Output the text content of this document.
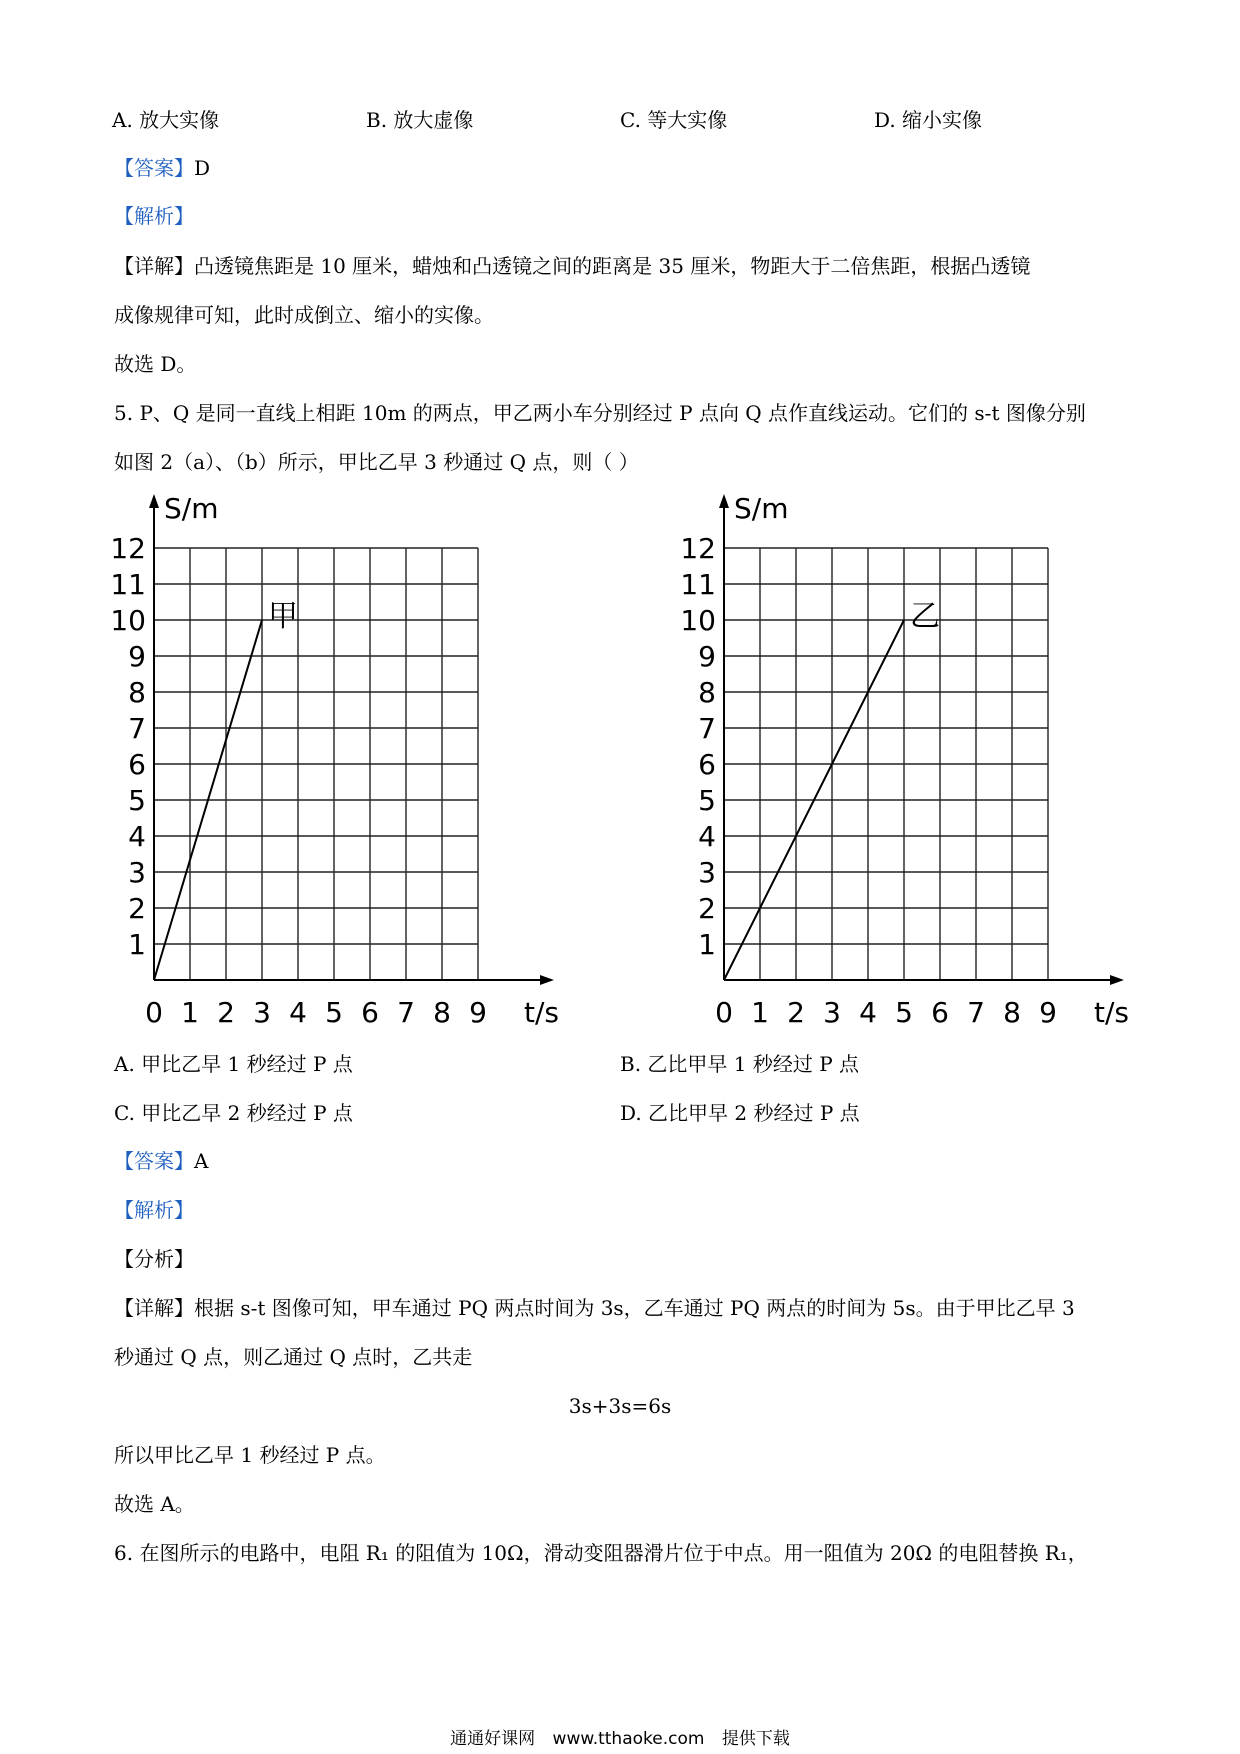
A. 放大实像	B. 放大虚像	C. 等大实像	D. 缩小实像
【答案】D
【解析】
【详解】凸透镜焦距是 10 厘米，蜡烛和凸透镜之间的距离是 35 厘米，物距大于二倍焦距，根据凸透镜
成像规律可知，此时成倒立、缩小的实像。
故选 D。
5. P、Q 是同一直线上相距 10m 的两点，甲乙两小车分别经过 P 点向 Q 点作直线运动。它们的 s-t 图像分别
如图 2（a）、（b）所示，甲比乙早 3 秒通过 Q 点，则（ ）
S/m
t/s
0 1 2 3 4 5 6 7 8 9
1
2
3
4
5
6
7
8
9
10
11
12
甲
S/m
t/s
0 1 2 3 4 5 6 7 8 9
1
2
3
4
5
6
7
8
9
10
11
12
乙
A. 甲比乙早 1 秒经过 P 点	B. 乙比甲早 1 秒经过 P 点
C. 甲比乙早 2 秒经过 P 点	D. 乙比甲早 2 秒经过 P 点
【答案】A
【解析】
【分析】
【详解】根据 s-t 图像可知，甲车通过 PQ 两点时间为 3s，乙车通过 PQ 两点的时间为 5s。由于甲比乙早 3
秒通过 Q 点，则乙通过 Q 点时，乙共走
3s+3s=6s
所以甲比乙早 1 秒经过 P 点。
故选 A。
6. 在图所示的电路中，电阻 R₁ 的阻值为 10Ω，滑动变阻器滑片位于中点。用一阻值为 20Ω 的电阻替换 R₁，
通通好课网 www.tthaoke.com 提供下载
